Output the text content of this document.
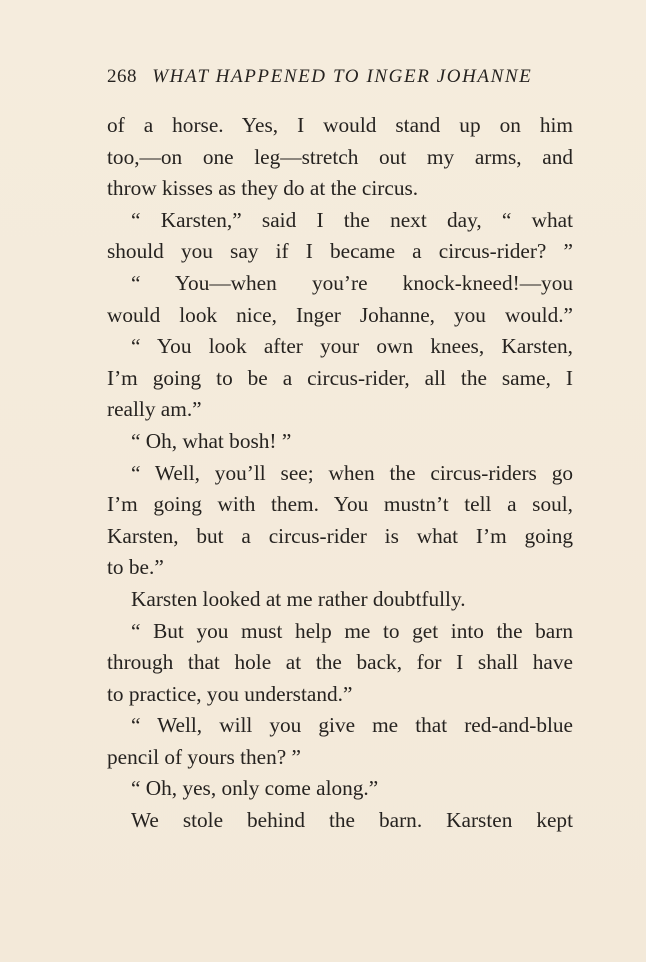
268 WHAT HAPPENED TO INGER JOHANNE
of a horse. Yes, I would stand up on him
too,—on one leg—stretch out my arms, and
throw kisses as they do at the circus.
“ Karsten,” said I the next day, “ what
should you say if I became a circus-rider? ”
“ You—when you’re knock-kneed!—you
would look nice, Inger Johanne, you would.”
“ You look after your own knees, Karsten,
I’m going to be a circus-rider, all the same, I
really am.”
“ Oh, what bosh! ”
“ Well, you’ll see; when the circus-riders go
I’m going with them. You mustn’t tell a soul,
Karsten, but a circus-rider is what I’m going
to be.”
Karsten looked at me rather doubtfully.
“ But you must help me to get into the barn
through that hole at the back, for I shall have
to practice, you understand.”
“ Well, will you give me that red-and-blue
pencil of yours then? ”
“ Oh, yes, only come along.”
We stole behind the barn. Karsten kept
